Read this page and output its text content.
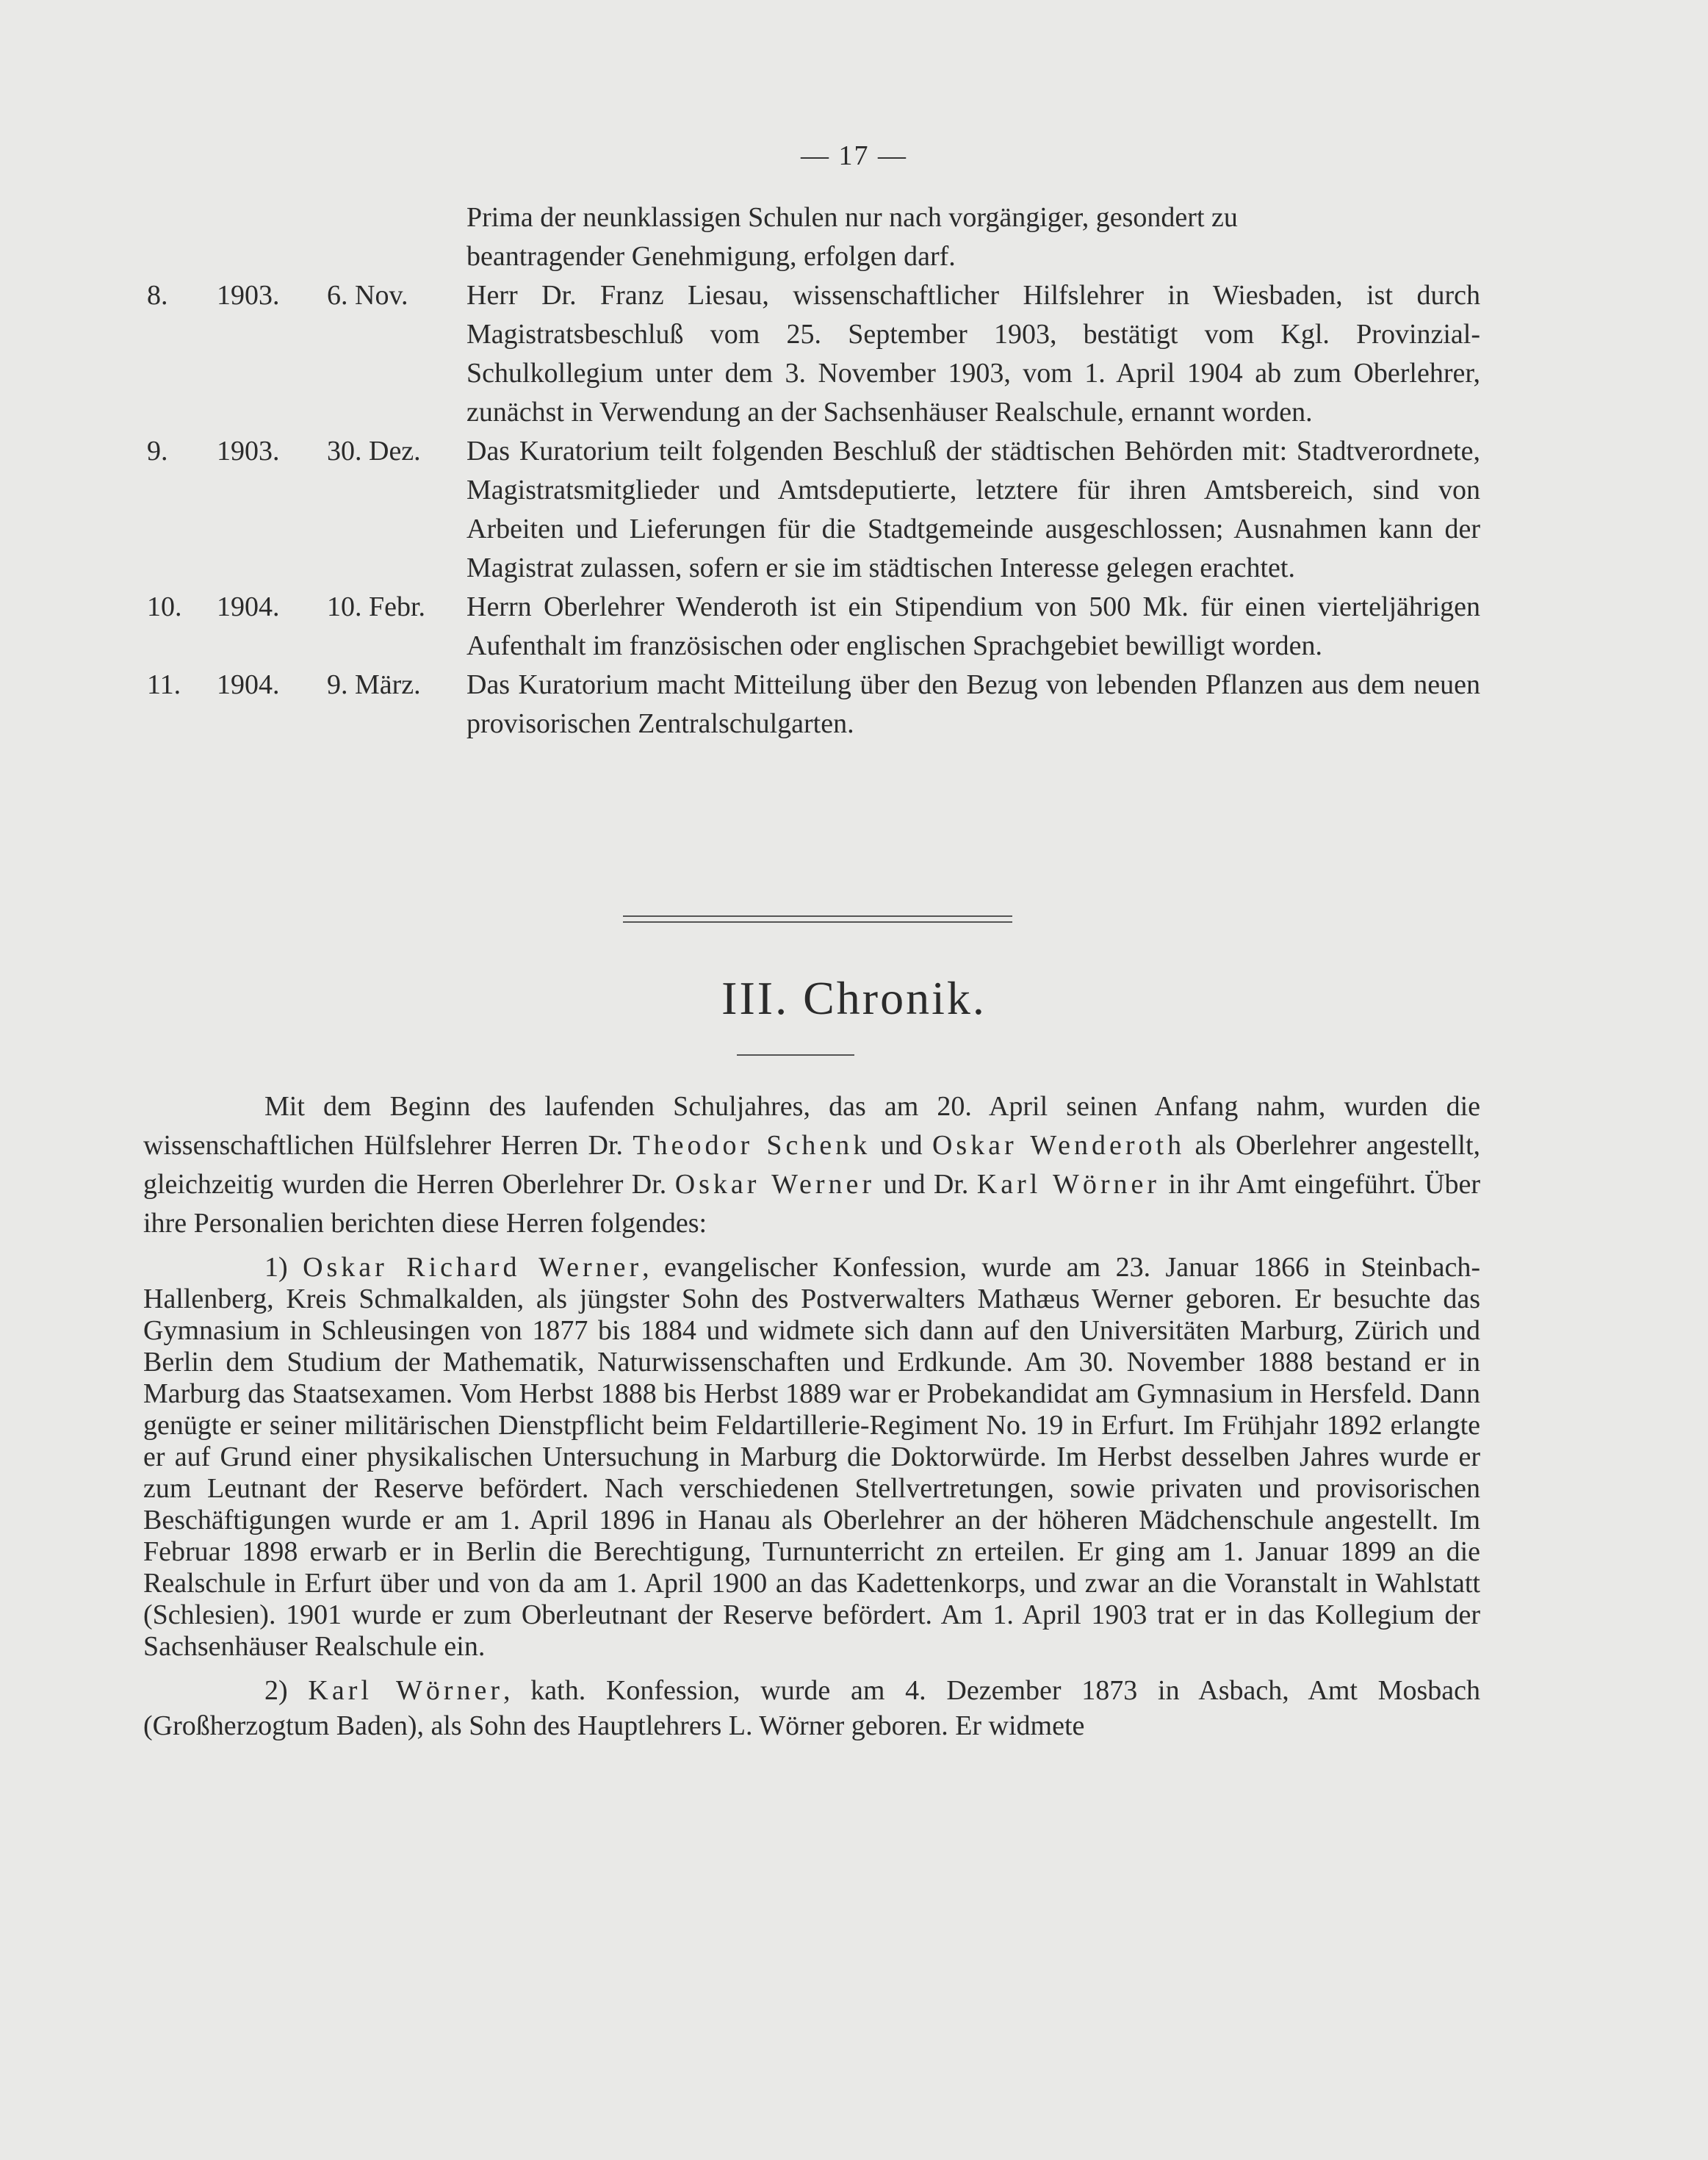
— 17 —
Prima der neunklassigen Schulen nur nach vorgängiger, gesondert zu
beantragender Genehmigung, erfolgen darf.
8.	1903.	6. Nov.	Herr Dr. Franz Liesau, wissenschaftlicher Hilfslehrer in Wiesbaden, ist durch Magistratsbeschluß vom 25. September 1903, bestätigt vom Kgl. Provinzial-Schulkollegium unter dem 3. November 1903, vom 1. April 1904 ab zum Oberlehrer, zunächst in Verwendung an der Sachsenhäuser Realschule, ernannt worden.
9.	1903.	30. Dez.	Das Kuratorium teilt folgenden Beschluß der städtischen Behörden mit: Stadtverordnete, Magistratsmitglieder und Amtsdeputierte, letztere für ihren Amtsbereich, sind von Arbeiten und Lieferungen für die Stadtgemeinde ausgeschlossen; Ausnahmen kann der Magistrat zulassen, sofern er sie im städtischen Interesse gelegen erachtet.
10.	1904.	10. Febr.	Herrn Oberlehrer Wenderoth ist ein Stipendium von 500 Mk. für einen vierteljährigen Aufenthalt im französischen oder englischen Sprachgebiet bewilligt worden.
11.	1904.	9. März.	Das Kuratorium macht Mitteilung über den Bezug von lebenden Pflanzen aus dem neuen provisorischen Zentralschulgarten.
III. Chronik.

Mit dem Beginn des laufenden Schuljahres, das am 20. April seinen Anfang nahm, wurden die wissenschaftlichen Hülfslehrer Herren Dr. Theodor Schenk und Oskar Wenderoth als Oberlehrer angestellt, gleichzeitig wurden die Herren Oberlehrer Dr. Oskar Werner und Dr. Karl Wörner in ihr Amt eingeführt. Über ihre Personalien berichten diese Herren folgendes:

1) Oskar Richard Werner, evangelischer Konfession, wurde am 23. Januar 1866 in Steinbach-Hallenberg, Kreis Schmalkalden, als jüngster Sohn des Postverwalters Mathæus Werner geboren. Er besuchte das Gymnasium in Schleusingen von 1877 bis 1884 und widmete sich dann auf den Universitäten Marburg, Zürich und Berlin dem Studium der Mathematik, Naturwissenschaften und Erdkunde. Am 30. November 1888 bestand er in Marburg das Staatsexamen. Vom Herbst 1888 bis Herbst 1889 war er Probekandidat am Gymnasium in Hersfeld. Dann genügte er seiner militärischen Dienstpflicht beim Feldartillerie-Regiment No. 19 in Erfurt. Im Frühjahr 1892 erlangte er auf Grund einer physikalischen Untersuchung in Marburg die Doktorwürde. Im Herbst desselben Jahres wurde er zum Leutnant der Reserve befördert. Nach verschiedenen Stellvertretungen, sowie privaten und provisorischen Beschäftigungen wurde er am 1. April 1896 in Hanau als Oberlehrer an der höheren Mädchenschule angestellt. Im Februar 1898 erwarb er in Berlin die Berechtigung, Turnunterricht zn erteilen. Er ging am 1. Januar 1899 an die Realschule in Erfurt über und von da am 1. April 1900 an das Kadettenkorps, und zwar an die Voranstalt in Wahlstatt (Schlesien). 1901 wurde er zum Oberleutnant der Reserve befördert. Am 1. April 1903 trat er in das Kollegium der Sachsenhäuser Realschule ein.

2) Karl Wörner, kath. Konfession, wurde am 4. Dezember 1873 in Asbach, Amt Mosbach (Großherzogtum Baden), als Sohn des Hauptlehrers L. Wörner geboren. Er widmete
